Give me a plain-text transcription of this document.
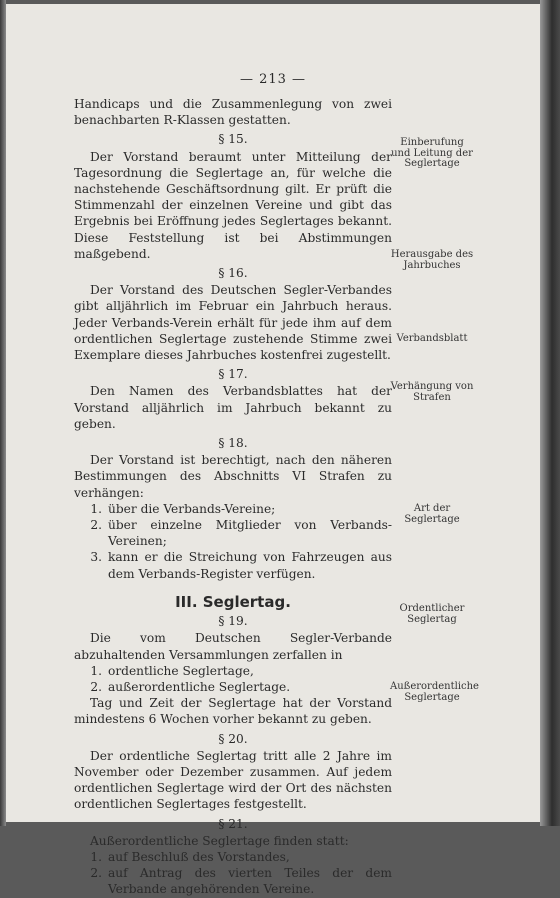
— 213 —

Handicaps und die Zusammenlegung von zwei benachbarten R-Klassen gestatten.

§ 15.

Der Vorstand beraumt unter Mitteilung der Tagesordnung die Seglertage an, für welche die nachstehende Geschäftsordnung gilt. Er prüft die Stimmenzahl der einzelnen Vereine und gibt das Ergebnis bei Eröffnung jedes Seglertages bekannt. Diese Feststellung ist bei Abstimmungen maßgebend.

§ 16.

Der Vorstand des Deutschen Segler-Verbandes gibt alljährlich im Februar ein Jahrbuch heraus. Jeder Verbands-Verein erhält für jede ihm auf dem ordentlichen Seglertage zustehende Stimme zwei Exemplare dieses Jahrbuches kostenfrei zugestellt.

§ 17.

Den Namen des Verbandsblattes hat der Vorstand alljährlich im Jahrbuch bekannt zu geben.

§ 18.

Der Vorstand ist berechtigt, nach den näheren Bestimmungen des Abschnitts VI Strafen zu verhängen:

1. über die Verbands-Vereine;
2. über einzelne Mitglieder von Verbands-Vereinen;
3. kann er die Streichung von Fahrzeugen aus dem Verbands-Register verfügen.
III. Seglertag.
§ 19.

Die vom Deutschen Segler-Verbande abzuhaltenden Versammlungen zerfallen in

1. ordentliche Seglertage,
2. außerordentliche Seglertage.

Tag und Zeit der Seglertage hat der Vorstand mindestens 6 Wochen vorher bekannt zu geben.

§ 20.

Der ordentliche Seglertag tritt alle 2 Jahre im November oder Dezember zusammen. Auf jedem ordentlichen Seglertage wird der Ort des nächsten ordentlichen Seglertages festgestellt.

§ 21.

Außerordentliche Seglertage finden statt:

1. auf Beschluß des Vorstandes,
2. auf Antrag des vierten Teiles der dem Verbande angehörenden Vereine.
Einberufung und Leitung der Seglertage
Herausgabe des Jahrbuches
Verbandsblatt
Verhängung von Strafen
Art der Seglertage
Ordentlicher Seglertag
Außerordentliche Seglertage
